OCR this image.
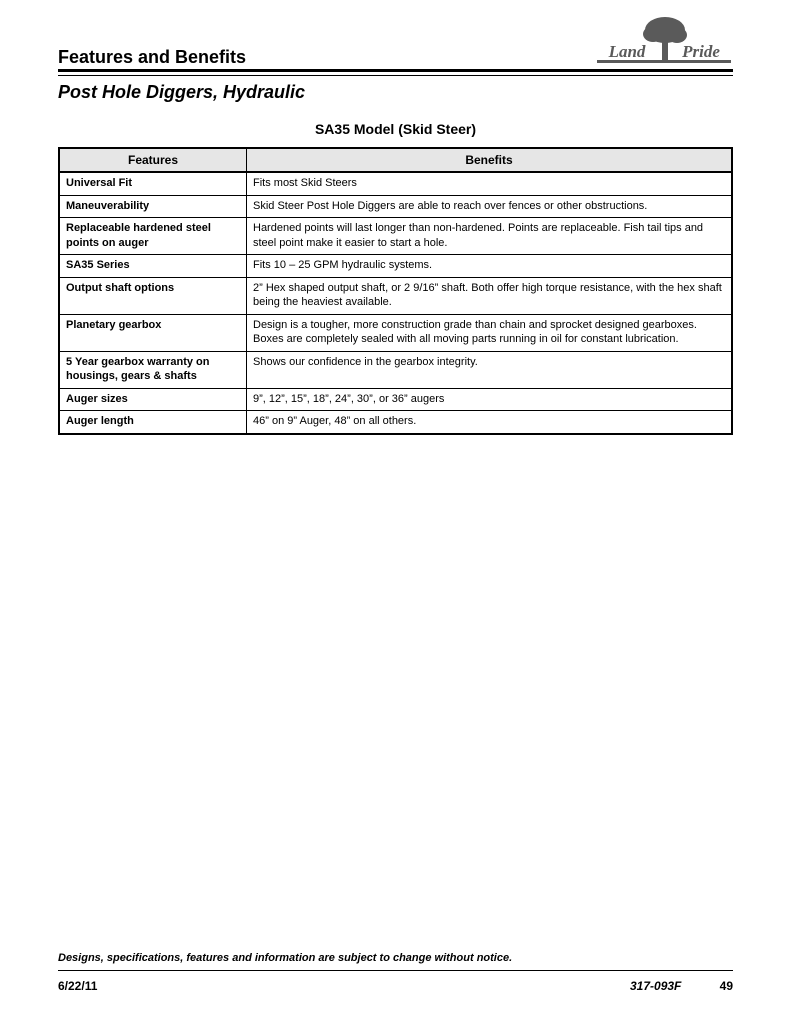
Features and Benefits	Land Pride
Post Hole Diggers, Hydraulic
SA35 Model (Skid Steer)
Features	Benefits
Universal Fit	Fits most Skid Steers
Maneuverability	Skid Steer Post Hole Diggers are able to reach over fences or other obstructions.
Replaceable hardened steel points on auger	Hardened points will last longer than non-hardened. Points are replaceable. Fish tail tips and steel point make it easier to start a hole.
SA35 Series	Fits 10 – 25 GPM hydraulic systems.
Output shaft options	2” Hex shaped output shaft, or 2 9/16” shaft. Both offer high torque resistance, with the hex shaft being the heaviest available.
Planetary gearbox	Design is a tougher, more construction grade than chain and sprocket designed gearboxes. Boxes are completely sealed with all moving parts running in oil for constant lubrication.
5 Year gearbox warranty on housings, gears & shafts	Shows our confidence in the gearbox integrity.
Auger sizes	9”, 12”, 15”, 18”, 24”, 30”, or 36” augers
Auger length	46” on 9” Auger, 48” on all others.
Designs, specifications, features and information are subject to change without notice.
6/22/11	317-093F	49
